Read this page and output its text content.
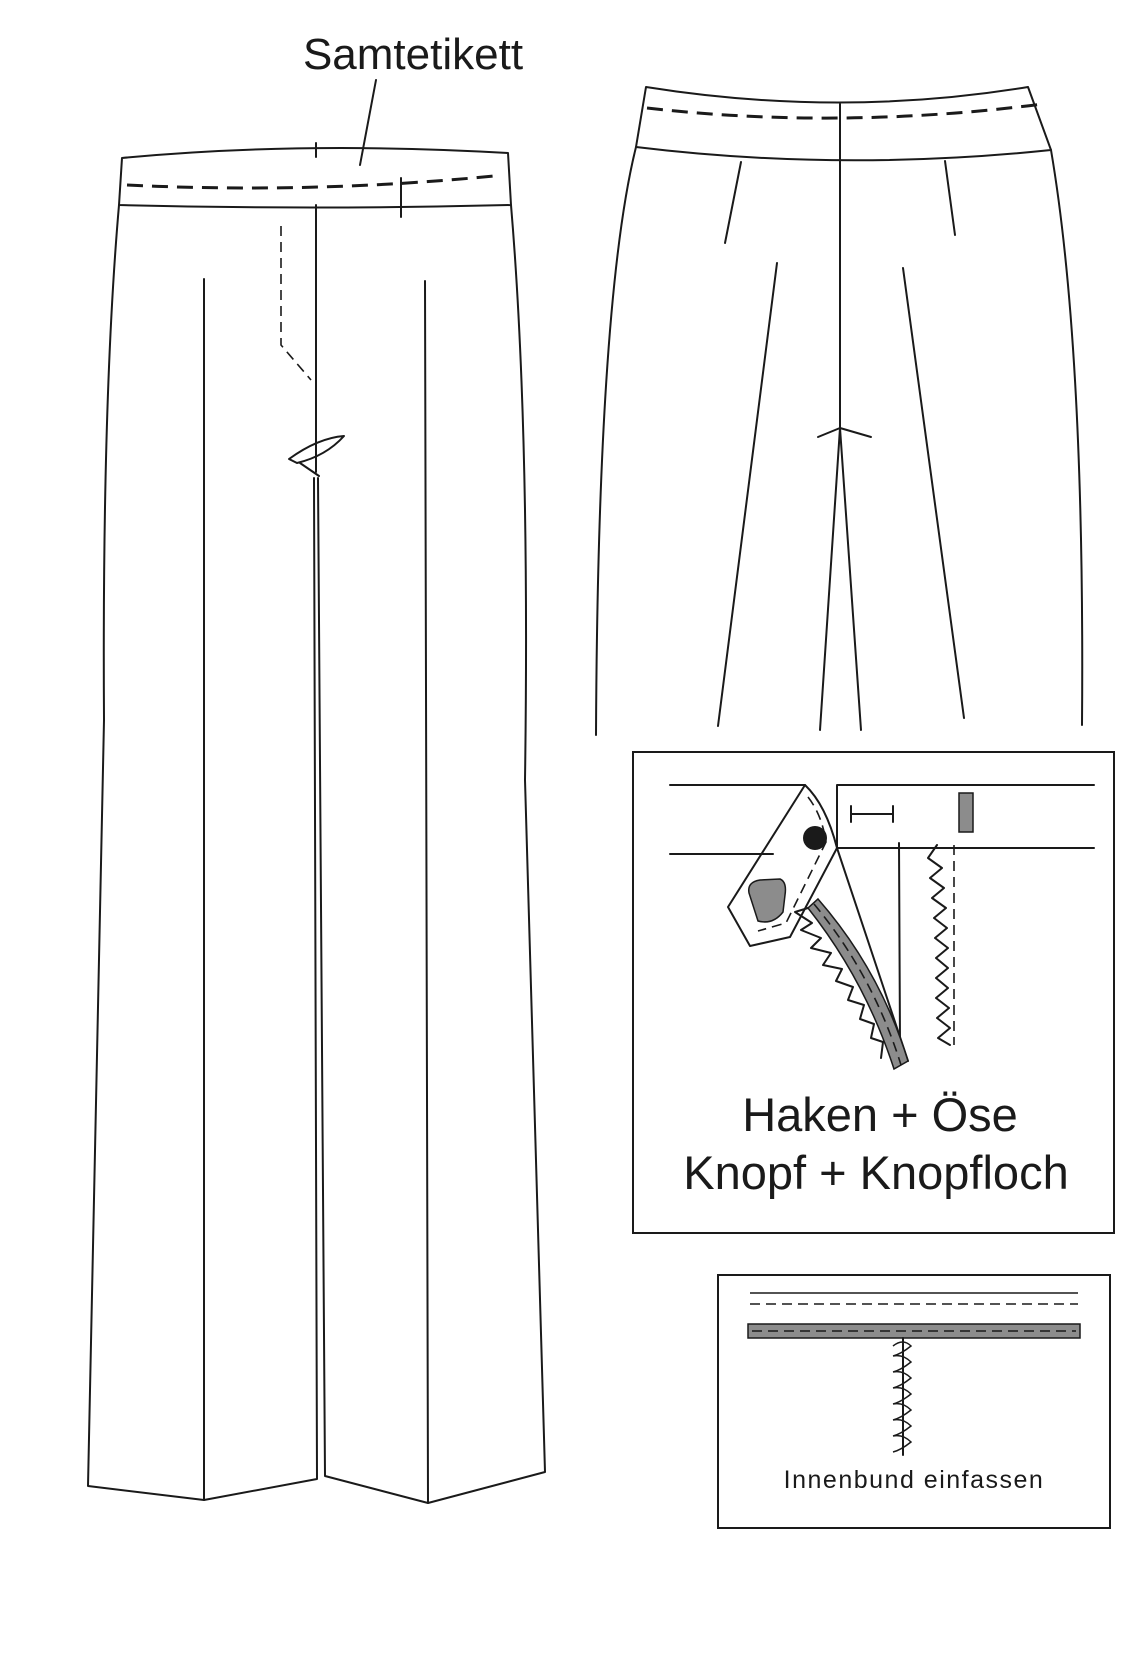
Samtetikett
Haken + Öse
Knopf + Knopfloch
Innenbund einfassen
